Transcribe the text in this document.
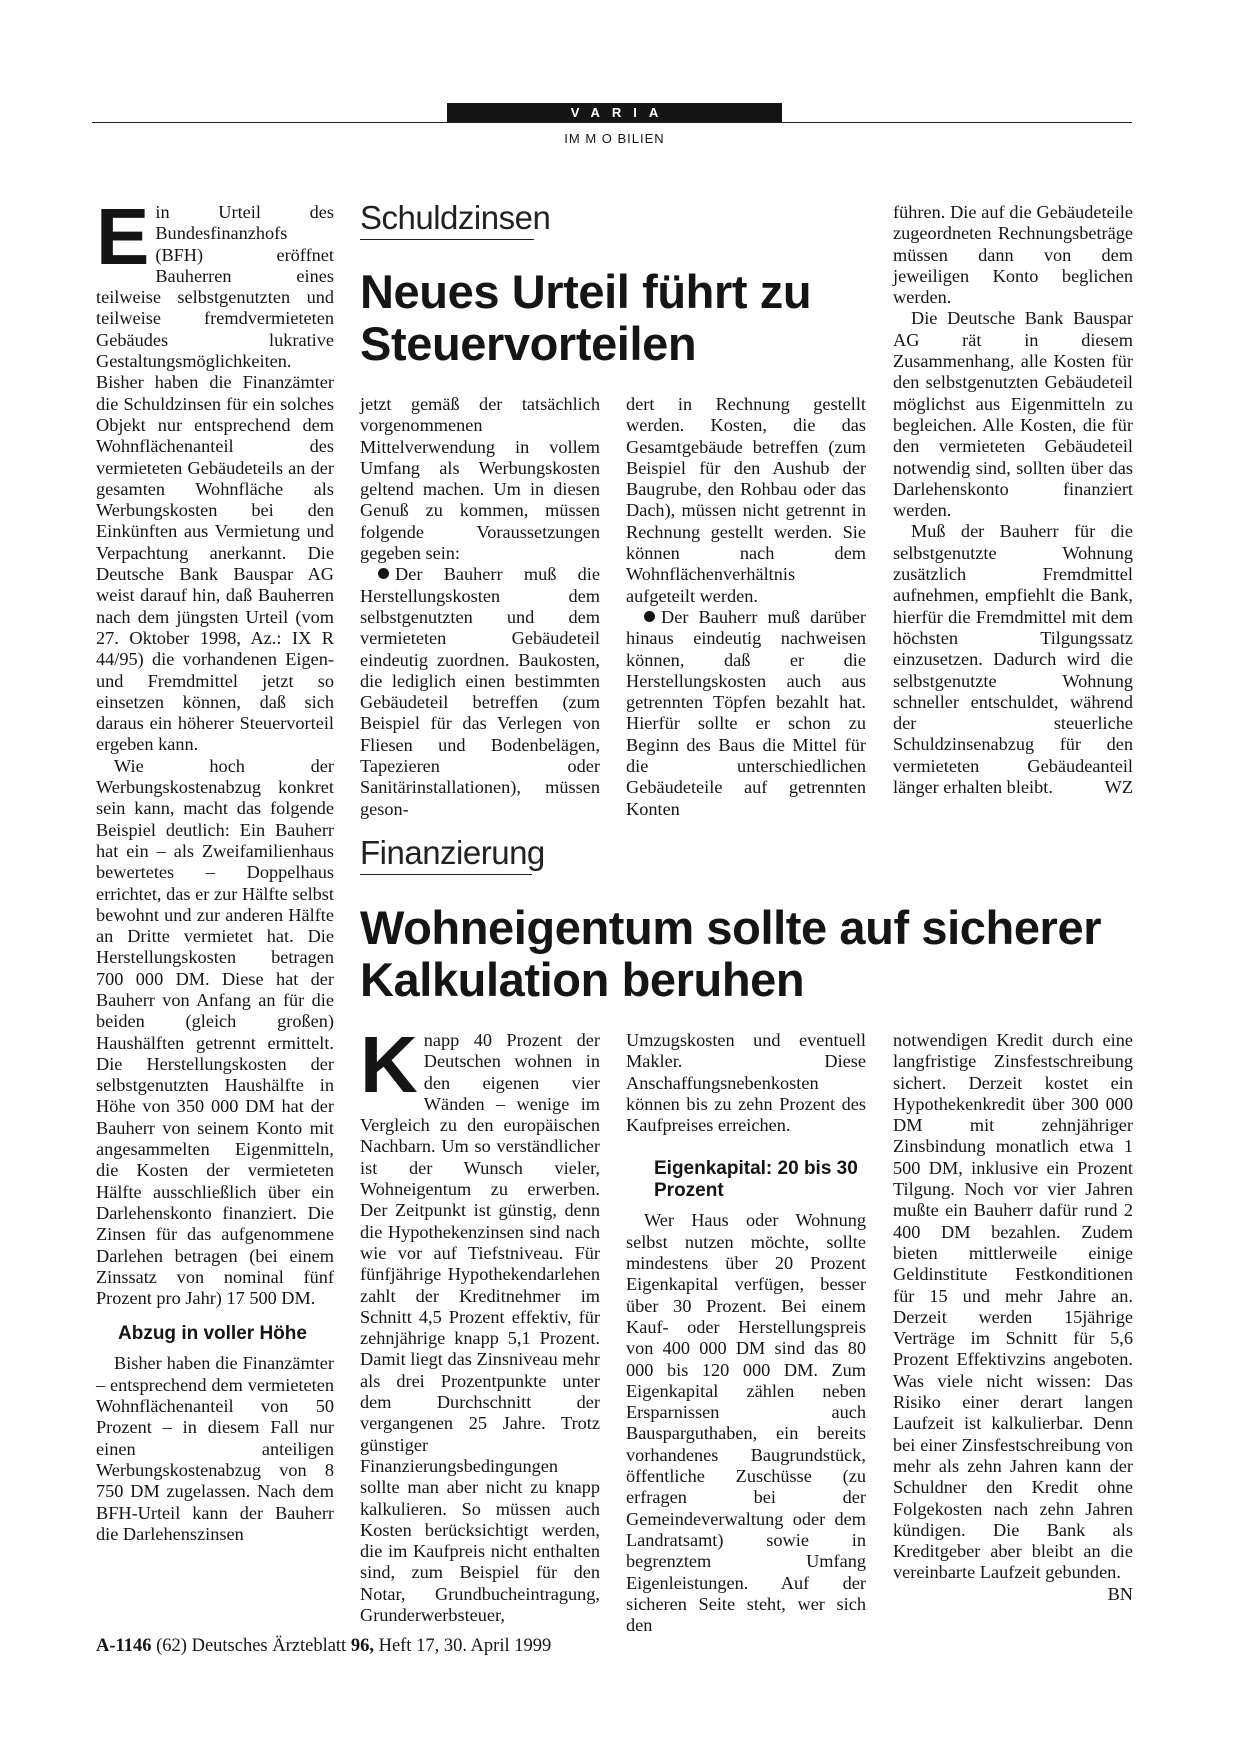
VARIA
IM M O BILIEN
Schuldzinsen
Neues Urteil führt zu Steuervorteilen

Ein Urteil des Bundesfinanzhofs (BFH) eröffnet Bauherren eines teilweise selbstgenutzten und teilweise fremdvermieteten Gebäudes lukrative Gestaltungsmöglichkeiten. Bisher haben die Finanzämter die Schuldzinsen für ein solches Objekt nur entsprechend dem Wohnflächenanteil des vermieteten Gebäudeteils an der gesamten Wohnfläche als Werbungskosten bei den Einkünften aus Vermietung und Verpachtung anerkannt. Die Deutsche Bank Bauspar AG weist darauf hin, daß Bauherren nach dem jüngsten Urteil (vom 27. Oktober 1998, Az.: IX R 44/95) die vorhandenen Eigen- und Fremdmittel jetzt so einsetzen können, daß sich daraus ein höherer Steuervorteil ergeben kann.

Wie hoch der Werbungskostenabzug konkret sein kann, macht das folgende Beispiel deutlich: Ein Bauherr hat ein – als Zweifamilienhaus bewertetes – Doppelhaus errichtet, das er zur Hälfte selbst bewohnt und zur anderen Hälfte an Dritte vermietet hat. Die Herstellungskosten betragen 700 000 DM. Diese hat der Bauherr von Anfang an für die beiden (gleich großen) Haushälften getrennt ermittelt. Die Herstellungskosten der selbstgenutzten Haushälfte in Höhe von 350 000 DM hat der Bauherr von seinem Konto mit angesammelten Eigenmitteln, die Kosten der vermieteten Hälfte ausschließlich über ein Darlehenskonto finanziert. Die Zinsen für das aufgenommene Darlehen betragen (bei einem Zinssatz von nominal fünf Prozent pro Jahr) 17 500 DM.

Abzug in voller Höhe

Bisher haben die Finanzämter – entsprechend dem vermieteten Wohnflächenanteil von 50 Prozent – in diesem Fall nur einen anteiligen Werbungskostenabzug von 8 750 DM zugelassen. Nach dem BFH-Urteil kann der Bauherr die Darlehenszinsen

jetzt gemäß der tatsächlich vorgenommenen Mittelverwendung in vollem Umfang als Werbungskosten geltend machen. Um in diesen Genuß zu kommen, müssen folgende Voraussetzungen gegeben sein:

Der Bauherr muß die Herstellungskosten dem selbstgenutzten und dem vermieteten Gebäudeteil eindeutig zuordnen. Baukosten, die lediglich einen bestimmten Gebäudeteil betreffen (zum Beispiel für das Verlegen von Fliesen und Bodenbelägen, Tapezieren oder Sanitärinstallationen), müssen geson-

dert in Rechnung gestellt werden. Kosten, die das Gesamtgebäude betreffen (zum Beispiel für den Aushub der Baugrube, den Rohbau oder das Dach), müssen nicht getrennt in Rechnung gestellt werden. Sie können nach dem Wohnflächenverhältnis aufgeteilt werden.

Der Bauherr muß darüber hinaus eindeutig nachweisen können, daß er die Herstellungskosten auch aus getrennten Töpfen bezahlt hat. Hierfür sollte er schon zu Beginn des Baus die Mittel für die unterschiedlichen Gebäudeteile auf getrennten Konten

führen. Die auf die Gebäudeteile zugeordneten Rechnungsbeträge müssen dann von dem jeweiligen Konto beglichen werden.

Die Deutsche Bank Bauspar AG rät in diesem Zusammenhang, alle Kosten für den selbstgenutzten Gebäudeteil möglichst aus Eigenmitteln zu begleichen. Alle Kosten, die für den vermieteten Gebäudeteil notwendig sind, sollten über das Darlehenskonto finanziert werden.

Muß der Bauherr für die selbstgenutzte Wohnung zusätzlich Fremdmittel aufnehmen, empfiehlt die Bank, hierfür die Fremdmittel mit dem höchsten Tilgungssatz einzusetzen. Dadurch wird die selbstgenutzte Wohnung schneller entschuldet, während der steuerliche Schuldzinsenabzug für den vermieteten Gebäudeanteil länger erhalten bleibt.	WZ

Finanzierung
Wohneigentum sollte auf sicherer Kalkulation beruhen

Knapp 40 Prozent der Deutschen wohnen in den eigenen vier Wänden – wenige im Vergleich zu den europäischen Nachbarn. Um so verständlicher ist der Wunsch vieler, Wohneigentum zu erwerben. Der Zeitpunkt ist günstig, denn die Hypothekenzinsen sind nach wie vor auf Tiefstniveau. Für fünfjährige Hypothekendarlehen zahlt der Kreditnehmer im Schnitt 4,5 Prozent effektiv, für zehnjährige knapp 5,1 Prozent. Damit liegt das Zinsniveau mehr als drei Prozentpunkte unter dem Durchschnitt der vergangenen 25 Jahre. Trotz günstiger Finanzierungsbedingungen sollte man aber nicht zu knapp kalkulieren. So müssen auch Kosten berücksichtigt werden, die im Kaufpreis nicht enthalten sind, zum Beispiel für den Notar, Grundbucheintragung, Grunderwerbsteuer,

Umzugskosten und eventuell Makler. Diese Anschaffungsnebenkosten können bis zu zehn Prozent des Kaufpreises erreichen.

Eigenkapital: 20 bis 30 Prozent

Wer Haus oder Wohnung selbst nutzen möchte, sollte mindestens über 20 Prozent Eigenkapital verfügen, besser über 30 Prozent. Bei einem Kauf- oder Herstellungspreis von 400 000 DM sind das 80 000 bis 120 000 DM. Zum Eigenkapital zählen neben Ersparnissen auch Bausparguthaben, ein bereits vorhandenes Baugrundstück, öffentliche Zuschüsse (zu erfragen bei der Gemeindeverwaltung oder dem Landratsamt) sowie in begrenztem Umfang Eigenleistungen. Auf der sicheren Seite steht, wer sich den

notwendigen Kredit durch eine langfristige Zinsfestschreibung sichert. Derzeit kostet ein Hypothekenkredit über 300 000 DM mit zehnjähriger Zinsbindung monatlich etwa 1 500 DM, inklusive ein Prozent Tilgung. Noch vor vier Jahren mußte ein Bauherr dafür rund 2 400 DM bezahlen. Zudem bieten mittlerweile einige Geldinstitute Festkonditionen für 15 und mehr Jahre an. Derzeit werden 15jährige Verträge im Schnitt für 5,6 Prozent Effektivzins angeboten. Was viele nicht wissen: Das Risiko einer derart langen Laufzeit ist kalkulierbar. Denn bei einer Zinsfestschreibung von mehr als zehn Jahren kann der Schuldner den Kredit ohne Folgekosten nach zehn Jahren kündigen. Die Bank als Kreditgeber aber bleibt an die vereinbarte Laufzeit gebunden.
BN

A-1146 (62) Deutsches Ärzteblatt 96, Heft 17, 30. April 1999
